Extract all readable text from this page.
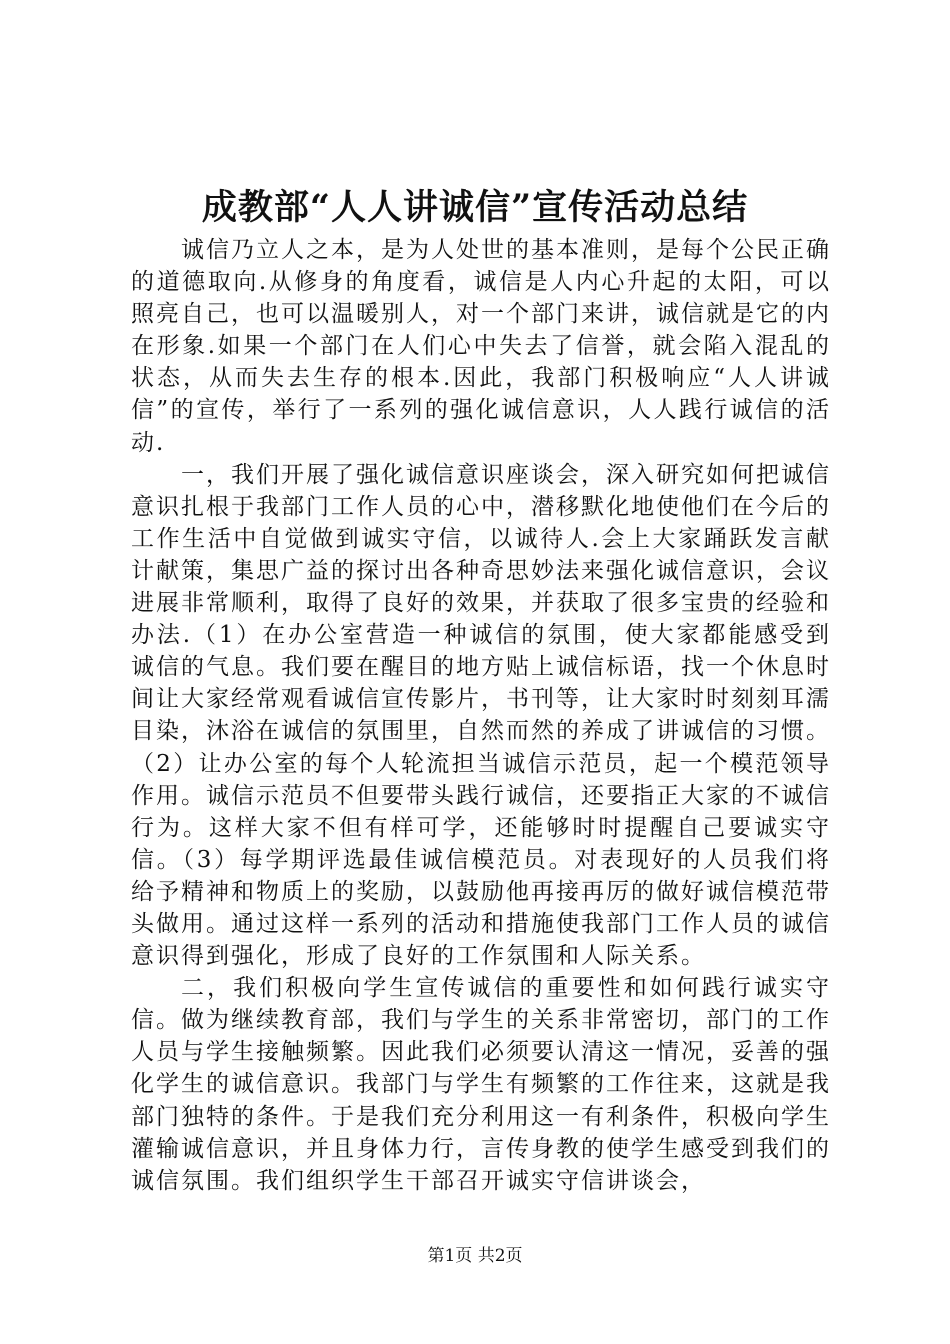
成教部“人人讲诚信”宣传活动总结

诚信乃立人之本，是为人处世的基本准则，是每个公民正确的道德取向.从修身的角度看，诚信是人内心升起的太阳，可以照亮自己，也可以温暖别人，对一个部门来讲，诚信就是它的内在形象.如果一个部门在人们心中失去了信誉，就会陷入混乱的状态，从而失去生存的根本.因此，我部门积极响应“人人讲诚信”的宣传，举行了一系列的强化诚信意识，人人践行诚信的活动.

一，我们开展了强化诚信意识座谈会，深入研究如何把诚信意识扎根于我部门工作人员的心中，潜移默化地使他们在今后的工作生活中自觉做到诚实守信，以诚待人.会上大家踊跃发言献计献策，集思广益的探讨出各种奇思妙法来强化诚信意识，会议进展非常顺利，取得了良好的效果，并获取了很多宝贵的经验和办法.（1）在办公室营造一种诚信的氛围，使大家都能感受到诚信的气息。我们要在醒目的地方贴上诚信标语，找一个休息时间让大家经常观看诚信宣传影片，书刊等，让大家时时刻刻耳濡目染，沐浴在诚信的氛围里，自然而然的养成了讲诚信的习惯。（2）让办公室的每个人轮流担当诚信示范员，起一个模范领导作用。诚信示范员不但要带头践行诚信，还要指正大家的不诚信行为。这样大家不但有样可学，还能够时时提醒自己要诚实守信。（3）每学期评选最佳诚信模范员。对表现好的人员我们将给予精神和物质上的奖励，以鼓励他再接再厉的做好诚信模范带头做用。通过这样一系列的活动和措施使我部门工作人员的诚信意识得到强化，形成了良好的工作氛围和人际关系。

二，我们积极向学生宣传诚信的重要性和如何践行诚实守信。做为继续教育部，我们与学生的关系非常密切，部门的工作人员与学生接触频繁。因此我们必须要认清这一情况，妥善的强化学生的诚信意识。我部门与学生有频繁的工作往来，这就是我部门独特的条件。于是我们充分利用这一有利条件，积极向学生灌输诚信意识，并且身体力行，言传身教的使学生感受到我们的诚信氛围。我们组织学生干部召开诚实守信讲谈会，

第1页 共2页
